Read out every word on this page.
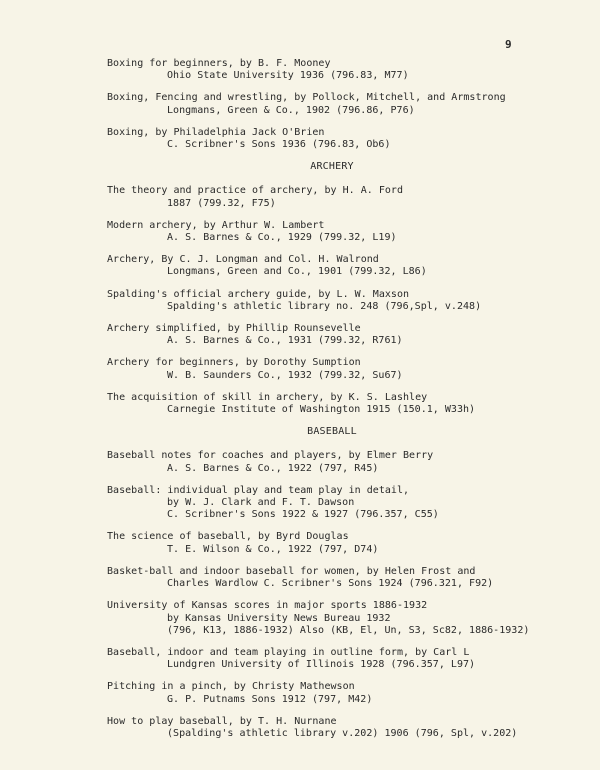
9
Boxing for beginners, by B. F. Mooney
Ohio State University 1936 (796.83, M77)
Boxing, Fencing and wrestling, by Pollock, Mitchell, and Armstrong
Longmans, Green & Co., 1902 (796.86, P76)
Boxing, by Philadelphia Jack O'Brien
C. Scribner's Sons 1936 (796.83, Ob6)
ARCHERY
The theory and practice of archery, by H. A. Ford
1887 (799.32, F75)
Modern archery, by Arthur W. Lambert
A. S. Barnes & Co., 1929 (799.32, L19)
Archery, By C. J. Longman and Col. H. Walrond
Longmans, Green and Co., 1901 (799.32, L86)
Spalding's official archery guide, by L. W. Maxson
Spalding's athletic library no. 248 (796,Spl, v.248)
Archery simplified, by Phillip Rounsevelle
A. S. Barnes & Co., 1931 (799.32, R761)
Archery for beginners, by Dorothy Sumption
W. B. Saunders Co., 1932 (799.32, Su67)
The acquisition of skill in archery, by K. S. Lashley
Carnegie Institute of Washington 1915 (150.1, W33h)
BASEBALL
Baseball notes for coaches and players, by Elmer Berry
A. S. Barnes & Co., 1922 (797, R45)
Baseball: individual play and team play in detail,
by W. J. Clark and F. T. Dawson
C. Scribner's Sons 1922 & 1927 (796.357, C55)
The science of baseball, by Byrd Douglas
T. E. Wilson & Co., 1922 (797, D74)
Basket-ball and indoor baseball for women, by Helen Frost and
Charles Wardlow C. Scribner's Sons 1924 (796.321, F92)
University of Kansas scores in major sports 1886-1932
by Kansas University News Bureau 1932
(796, K13, 1886-1932) Also (KB, El, Un, S3, Sc82, 1886-1932)
Baseball, indoor and team playing in outline form, by Carl L
Lundgren University of Illinois 1928 (796.357, L97)
Pitching in a pinch, by Christy Mathewson
G. P. Putnams Sons 1912 (797, M42)
How to play baseball, by T. H. Nurnane
(Spalding's athletic library v.202) 1906 (796, Spl, v.202)
